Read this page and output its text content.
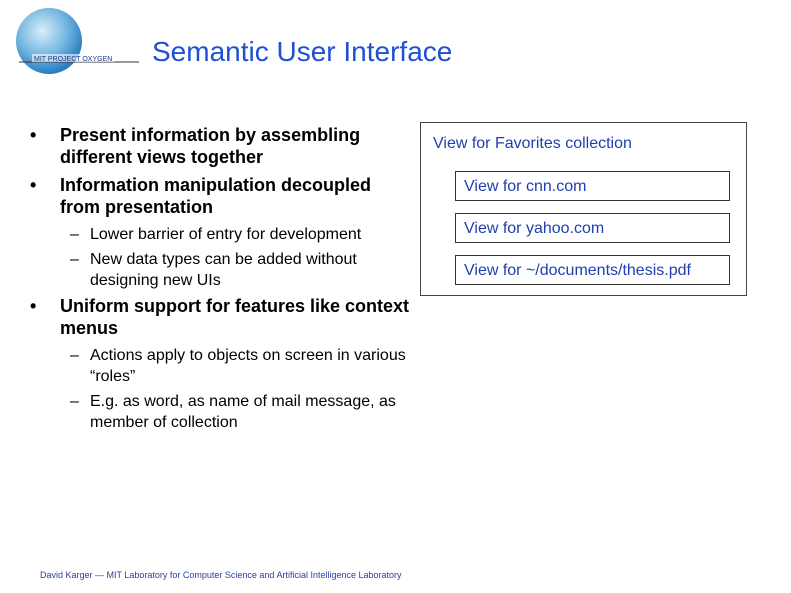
MIT PROJECT OXYGEN Semantic User Interface
• Present information by assembling different views together
• Information manipulation decoupled from presentation
– Lower barrier of entry for development
– New data types can be added without designing new UIs
• Uniform support for features like context menus
– Actions apply to objects on screen in various “roles”
– E.g. as word, as name of mail message, as member of collection
View for Favorites collection
View for cnn.com
View for yahoo.com
View for ~/documents/thesis.pdf
David Karger — MIT Laboratory for Computer Science and Artificial Intelligence Laboratory
